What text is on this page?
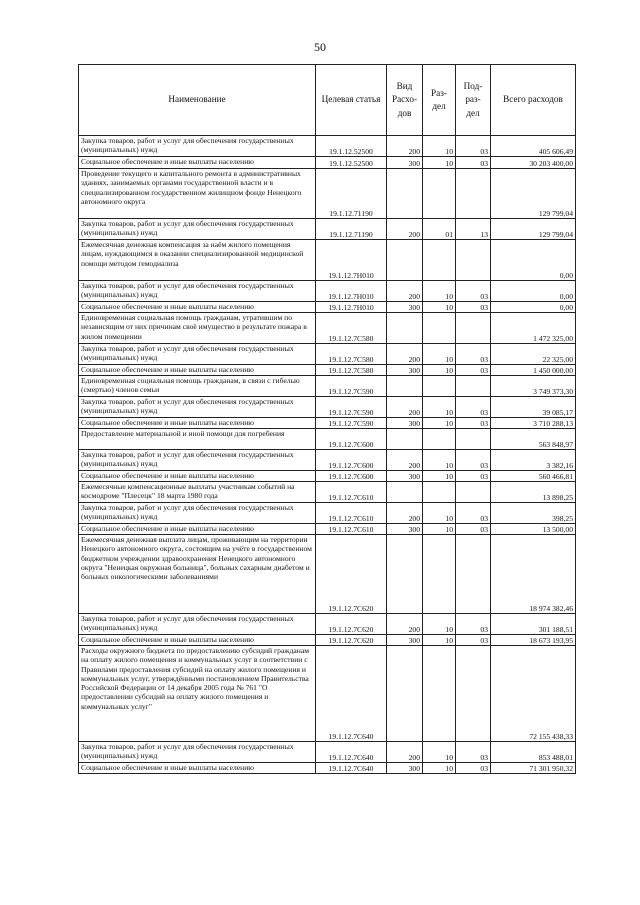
50
Наименование	Целевая статья	Вид Расхо- дов	Раз- дел	Под- раз- дел	Всего расходов
Закупка товаров, работ и услуг для обеспечения государственных (муниципальных) нужд	19.1.12.52500	200	10	03	405 606,49
Социальное обеспечение и иные выплаты населению	19.1.12.52500	300	10	03	30 203 400,00
Проведение текущего и капитального ремонта в административных зданиях, занимаемых органами государственной власти и в специализированном государственном жилищном фонде Ненецкого автономного округа	19.1.12.71190				129 799,04
Закупка товаров, работ и услуг для обеспечения государственных (муниципальных) нужд	19.1.12.71190	200	01	13	129 799,04
Ежемесячная денежная компенсация за наём жилого помещения лицам, нуждающимся в оказании специализированной медицинской помощи методом гемодиализа	19.1.12.7H010				0,00
Закупка товаров, работ и услуг для обеспечения государственных (муниципальных) нужд	19.1.12.7H010	200	10	03	0,00
Социальное обеспечение и иные выплаты населению	19.1.12.7H010	300	10	03	0,00
Единовременная социальная помощь гражданам, утратившим по независящим от них причинам своё имущество в результате пожара в жилом помещении	19.1.12.7C580				1 472 325,00
Закупка товаров, работ и услуг для обеспечения государственных (муниципальных) нужд	19.1.12.7C580	200	10	03	22 325,00
Социальное обеспечение и иные выплаты населению	19.1.12.7C580	300	10	03	1 450 000,00
Единовременная социальная помощь гражданам, в связи с гибелью (смертью) членов семьи	19.1.12.7C590				3 749 373,30
Закупка товаров, работ и услуг для обеспечения государственных (муниципальных) нужд	19.1.12.7C590	200	10	03	39 085,17
Социальное обеспечение и иные выплаты населению	19.1.12.7C590	300	10	03	3 710 288,13
Предоставление материальной и иной помощи для погребения	19.1.12.7C600				563 848,97
Закупка товаров, работ и услуг для обеспечения государственных (муниципальных) нужд	19.1.12.7C600	200	10	03	3 382,16
Социальное обеспечение и иные выплаты населению	19.1.12.7C600	300	10	03	560 466,81
Ежемесячные компенсационные выплаты участникам событий на космодроме "Плесецк" 18 марта 1980 года	19.1.12.7C610				13 898,25
Закупка товаров, работ и услуг для обеспечения государственных (муниципальных) нужд	19.1.12.7C610	200	10	03	398,25
Социальное обеспечение и иные выплаты населению	19.1.12.7C610	300	10	03	13 500,00
Ежемесячная денежная выплата лицам, проживающим на территории Ненецкого автономного округа, состоящим на учёте в государственном бюджетном учреждении здравоохранения Ненецкого автономного округа "Ненецкая окружная больница", больных сахарным диабетом и больных онкологическими заболеваниями	19.1.12.7C620				18 974 382,46
Закупка товаров, работ и услуг для обеспечения государственных (муниципальных) нужд	19.1.12.7C620	200	10	03	301 188,51
Социальное обеспечение и иные выплаты населению	19.1.12.7C620	300	10	03	18 673 193,95
Расходы окружного бюджета по предоставлению субсидий гражданам на оплату жилого помещения и коммунальных услуг в соответствии с Правилами предоставления субсидий на оплату жилого помещения и коммунальных услуг, утверждёнными постановлением Правительства Российской Федерации от 14 декабря 2005 года № 761 "О предоставлении субсидий на оплату жилого помещения и коммунальных услуг"	19.1.12.7C640				72 155 438,33
Закупка товаров, работ и услуг для обеспечения государственных (муниципальных) нужд	19.1.12.7C640	200	10	03	853 488,01
Социальное обеспечение и иные выплаты населению	19.1.12.7C640	300	10	03	71 301 950,32
